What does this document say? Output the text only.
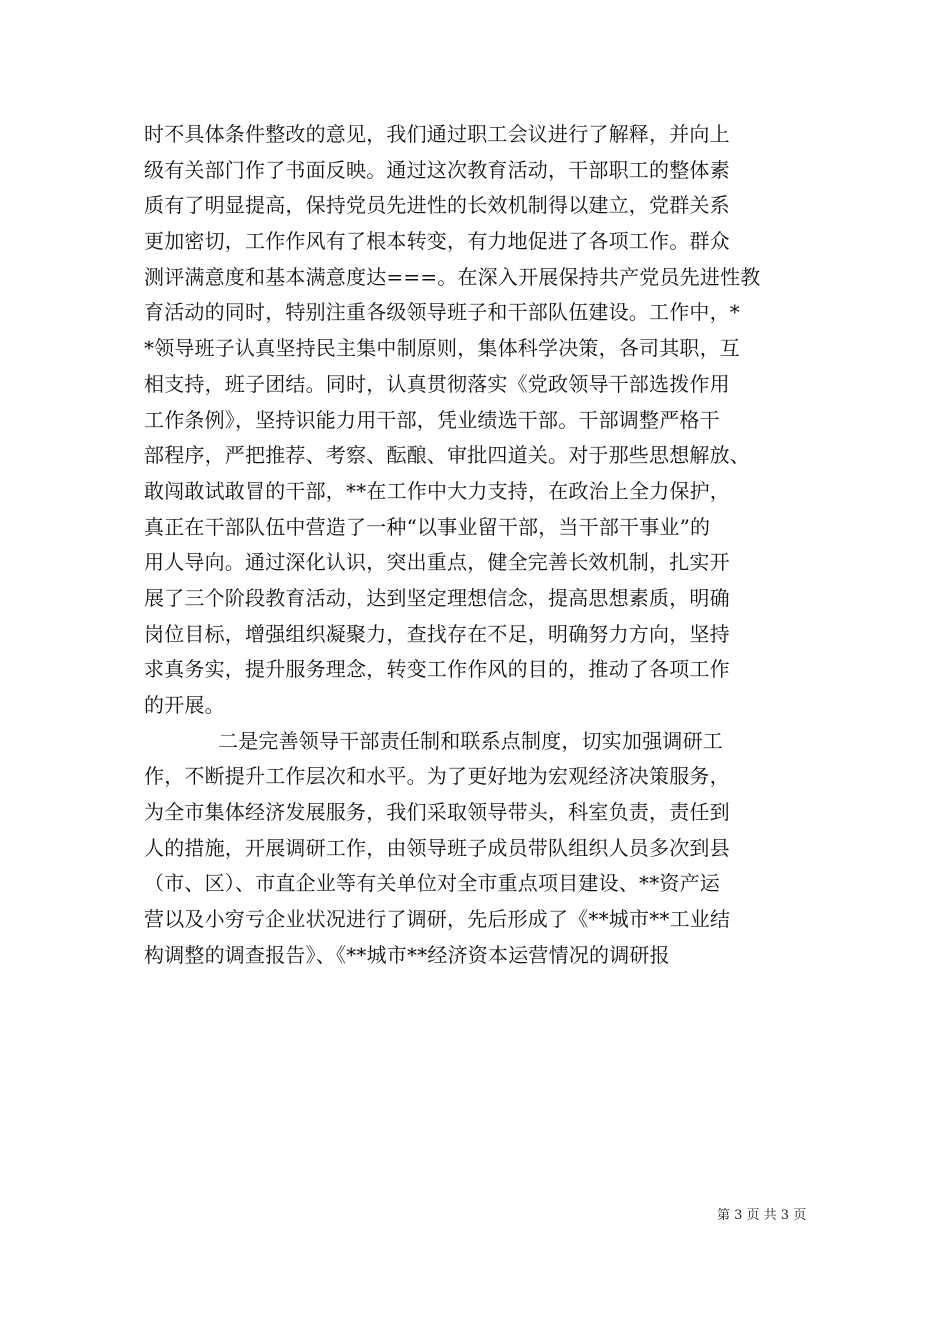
时不具体条件整改的意见，我们通过职工会议进行了解释，并向上
级有关部门作了书面反映。通过这次教育活动，干部职工的整体素
质有了明显提高，保持党员先进性的长效机制得以建立，党群关系
更加密切，工作作风有了根本转变，有力地促进了各项工作。群众
测评满意度和基本满意度达===。在深入开展保持共产党员先进性教
育活动的同时，特别注重各级领导班子和干部队伍建设。工作中，*
*领导班子认真坚持民主集中制原则，集体科学决策，各司其职，互
相支持，班子团结。同时，认真贯彻落实《党政领导干部选拨作用
工作条例》，坚持识能力用干部，凭业绩选干部。干部调整严格干
部程序，严把推荐、考察、酝酿、审批四道关。对于那些思想解放、
敢闯敢试敢冒的干部，**在工作中大力支持，在政治上全力保护，
真正在干部队伍中营造了一种“以事业留干部，当干部干事业”的
用人导向。通过深化认识，突出重点，健全完善长效机制，扎实开
展了三个阶段教育活动，达到坚定理想信念，提高思想素质，明确
岗位目标，增强组织凝聚力，查找存在不足，明确努力方向，坚持
求真务实，提升服务理念，转变工作作风的目的，推动了各项工作
的开展。
二是完善领导干部责任制和联系点制度，切实加强调研工
作，不断提升工作层次和水平。为了更好地为宏观经济决策服务，
为全市集体经济发展服务，我们采取领导带头，科室负责，责任到
人的措施，开展调研工作，由领导班子成员带队组织人员多次到县
（市、区）、市直企业等有关单位对全市重点项目建设、**资产运
营以及小穷亏企业状况进行了调研，先后形成了《**城市**工业结
构调整的调查报告》、《**城市**经济资本运营情况的调研报
第 3 页 共 3 页
